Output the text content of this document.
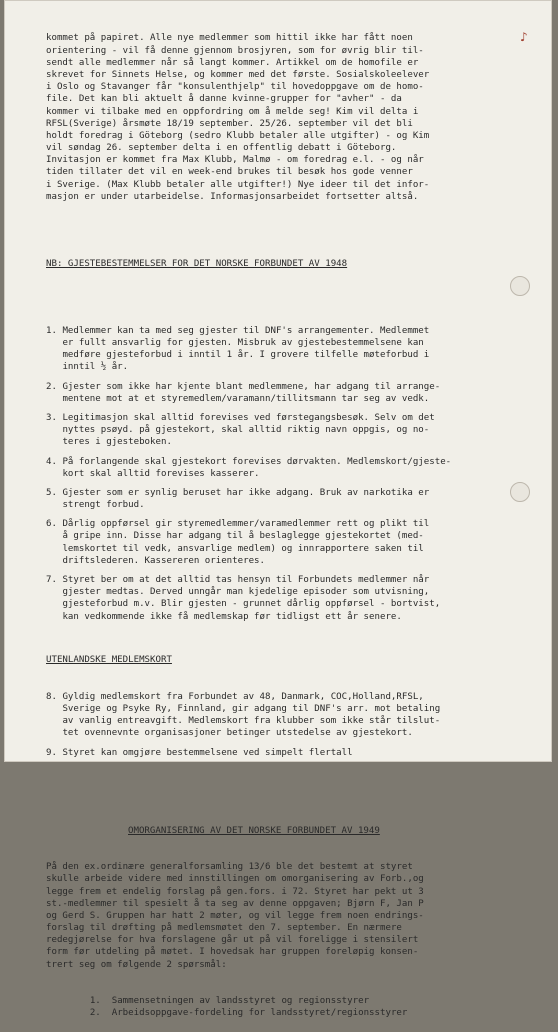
♪

kommet på papiret. Alle nye medlemmer som hittil ikke har fått noen
orientering - vil få denne gjennom brosjyren, som for øvrig blir til-
sendt alle medlemmer når så langt kommer. Artikkel om de homofile er
skrevet for Sinnets Helse, og kommer med det første. Sosialskoleelever
i Oslo og Stavanger får "konsulenthjelp" til hovedoppgave om de homo-
file. Det kan bli aktuelt å danne kvinne-grupper for "avher" - da
kommer vi tilbake med en oppfordring om å melde seg! Kim vil delta i
RFSL(Sverige) årsmøte 18/19 september. 25/26. september vil det bli
holdt foredrag i Göteborg (sedro Klubb betaler alle utgifter) - og Kim
vil søndag 26. september delta i en offentlig debatt i Göteborg.
Invitasjon er kommet fra Max Klubb, Malmø - om foredrag e.l. - og når
tiden tillater det vil en week-end brukes til besøk hos gode venner
i Sverige. (Max Klubb betaler alle utgifter!) Nye ideer til det infor-
masjon er under utarbeidelse. Informasjonsarbeidet fortsetter altså.

NB: GJESTEBESTEMMELSER FOR DET NORSKE FORBUNDET AV 1948

1. Medlemmer kan ta med seg gjester til DNF's arrangementer. Medlemmet
er fullt ansvarlig for gjesten. Misbruk av gjestebestemmelsene kan
medføre gjesteforbud i inntil 1 år. I grovere tilfelle møteforbud i
inntil ½ år.
2. Gjester som ikke har kjente blant medlemmene, har adgang til arrange-
mentene mot at et styremedlem/varamann/tillitsmann tar seg av vedk.
3. Legitimasjon skal alltid forevises ved førstegangsbesøk. Selv om det
nyttes psøyd. på gjestekort, skal alltid riktig navn oppgis, og no-
teres i gjesteboken.
4. På forlangende skal gjestekort forevises dørvakten. Medlemskort/gjeste-
kort skal alltid forevises kasserer.
5. Gjester som er synlig beruset har ikke adgang. Bruk av narkotika er
strengt forbud.
6. Dårlig oppførsel gir styremedlemmer/varamedlemmer rett og plikt til
å gripe inn. Disse har adgang til å beslaglegge gjestekortet (med-
lemskortet til vedk, ansvarlige medlem) og innrapportere saken til
driftslederen. Kassereren orienteres.
7. Styret ber om at det alltid tas hensyn til Forbundets medlemmer når
gjester medtas. Derved unngår man kjedelige episoder som utvisning,
gjesteforbud m.v. Blir gjesten - grunnet dårlig oppførsel - bortvist,
kan vedkommende ikke få medlemskap før tidligst ett år senere.

UTENLANDSKE MEDLEMSKORT

8. Gyldig medlemskort fra Forbundet av 48, Danmark, COC,Holland,RFSL,
Sverige og Psyke Ry, Finnland, gir adgang til DNF's arr. mot betaling
av vanlig entreavgift. Medlemskort fra klubber som ikke står tilslut-
tet ovennevnte organisasjoner betinger utstedelse av gjestekort.
9. Styret kan omgjøre bestemmelsene ved simpelt flertall

OMORGANISERING AV DET NORSKE FORBUNDET AV 1949

På den ex.ordinære generalforsamling 13/6 ble det bestemt at styret
skulle arbeide videre med innstillingen om omorganisering av Forb.,og
legge frem et endelig forslag på gen.fors. i 72. Styret har pekt ut 3
st.-medlemmer til spesielt å ta seg av denne oppgaven; Bjørn F, Jan P
og Gerd S. Gruppen har hatt 2 møter, og vil legge frem noen endrings-
forslag til drøfting på medlemsmøtet den 7. september. En nærmere
redegjørelse for hva forslagene går ut på vil foreligge i stensilert
form før utdeling på møtet. I hovedsak har gruppen foreløpig konsen-
trert seg om følgende 2 spørsmål:

1. Sammensetningen av landsstyret og regionsstyrer
2. Arbeidsoppgave-fordeling for landsstyret/regionsstyrer
